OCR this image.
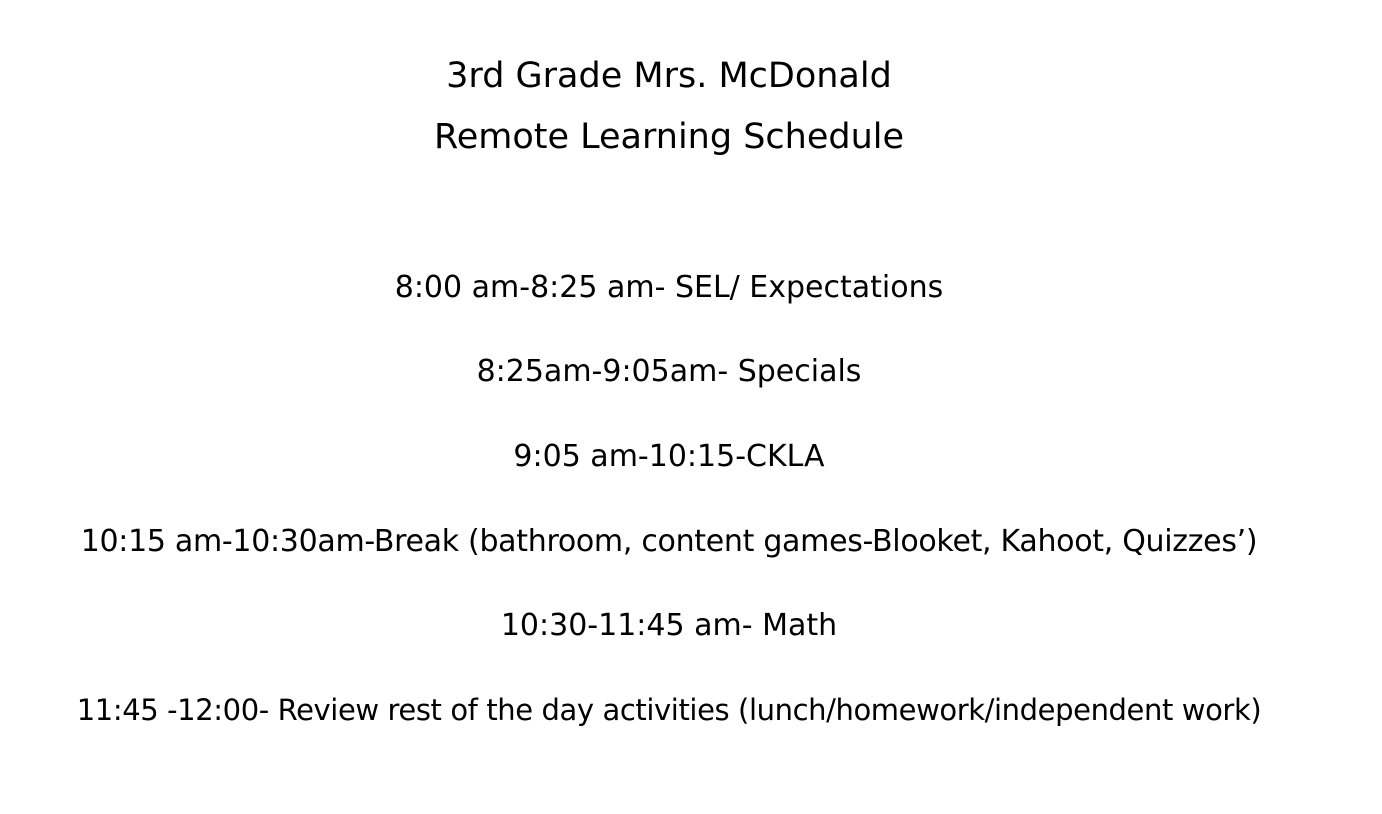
3rd Grade Mrs. McDonald
Remote Learning Schedule
8:00 am-8:25 am- SEL/ Expectations
8:25am-9:05am- Specials
9:05 am-10:15-CKLA
10:15 am-10:30am-Break (bathroom, content games-Blooket, Kahoot, Quizzes’)
10:30-11:45 am- Math
11:45 -12:00- Review rest of the day activities (lunch/homework/independent work)
